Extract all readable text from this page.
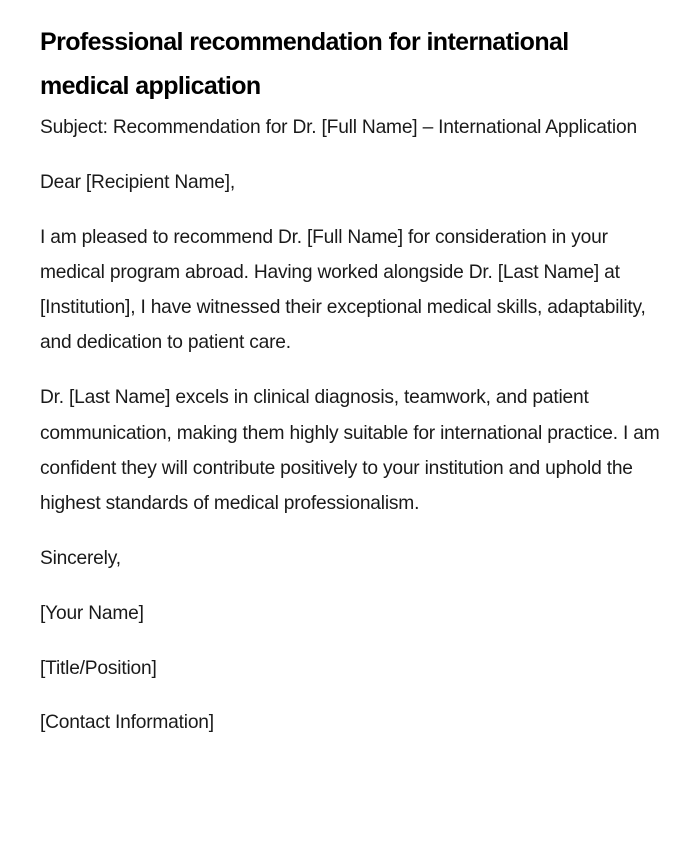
Professional recommendation for international medical application

Subject: Recommendation for Dr. [Full Name] – International Application

Dear [Recipient Name],

I am pleased to recommend Dr. [Full Name] for consideration in your medical program abroad. Having worked alongside Dr. [Last Name] at [Institution], I have witnessed their exceptional medical skills, adaptability, and dedication to patient care.

Dr. [Last Name] excels in clinical diagnosis, teamwork, and patient communication, making them highly suitable for international practice. I am confident they will contribute positively to your institution and uphold the highest standards of medical professionalism.

Sincerely,

[Your Name]

[Title/Position]

[Contact Information]
